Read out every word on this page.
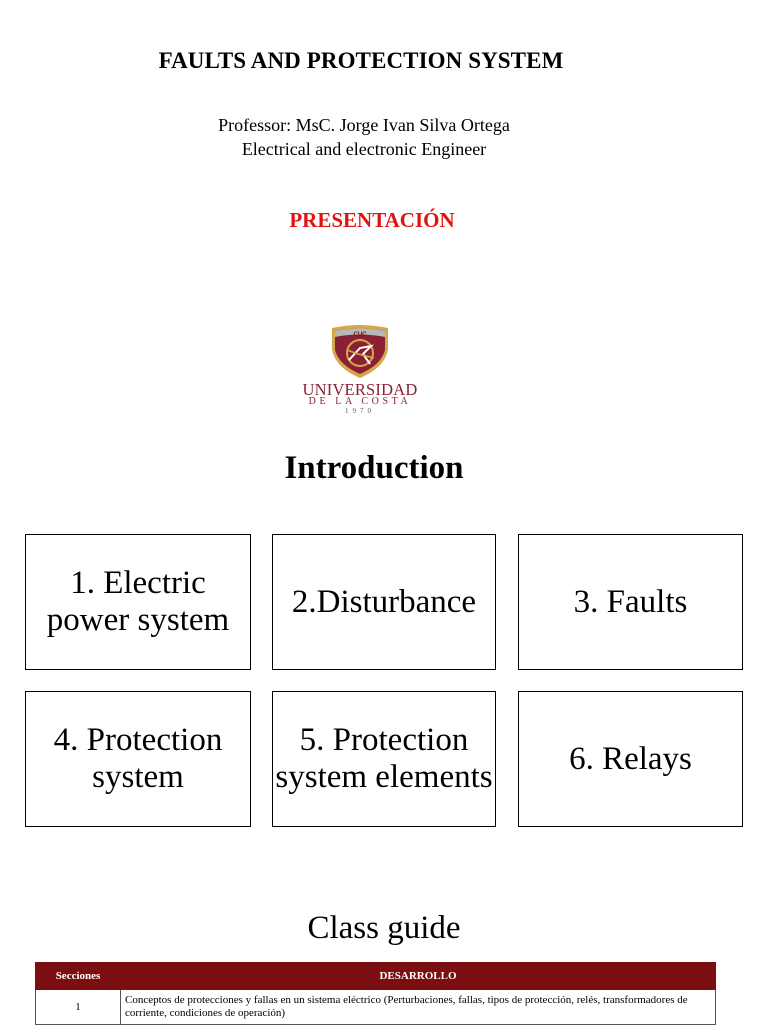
FAULTS AND PROTECTION SYSTEM
Professor: MsC. Jorge Ivan Silva Ortega
Electrical and electronic Engineer
PRESENTACIÓN
CUC
UNIVERSIDAD
DE LA COSTA
1970
Introduction
1. Electric power system
2.Disturbance	3. Faults
4. Protection system
5. Protection system elements
6. Relays
Class guide
Secciones	DESARROLLO
1	Conceptos de protecciones y fallas en un sistema eléctrico (Perturbaciones, fallas, tipos de protección, relés, transformadores de corriente, condiciones de operación)
